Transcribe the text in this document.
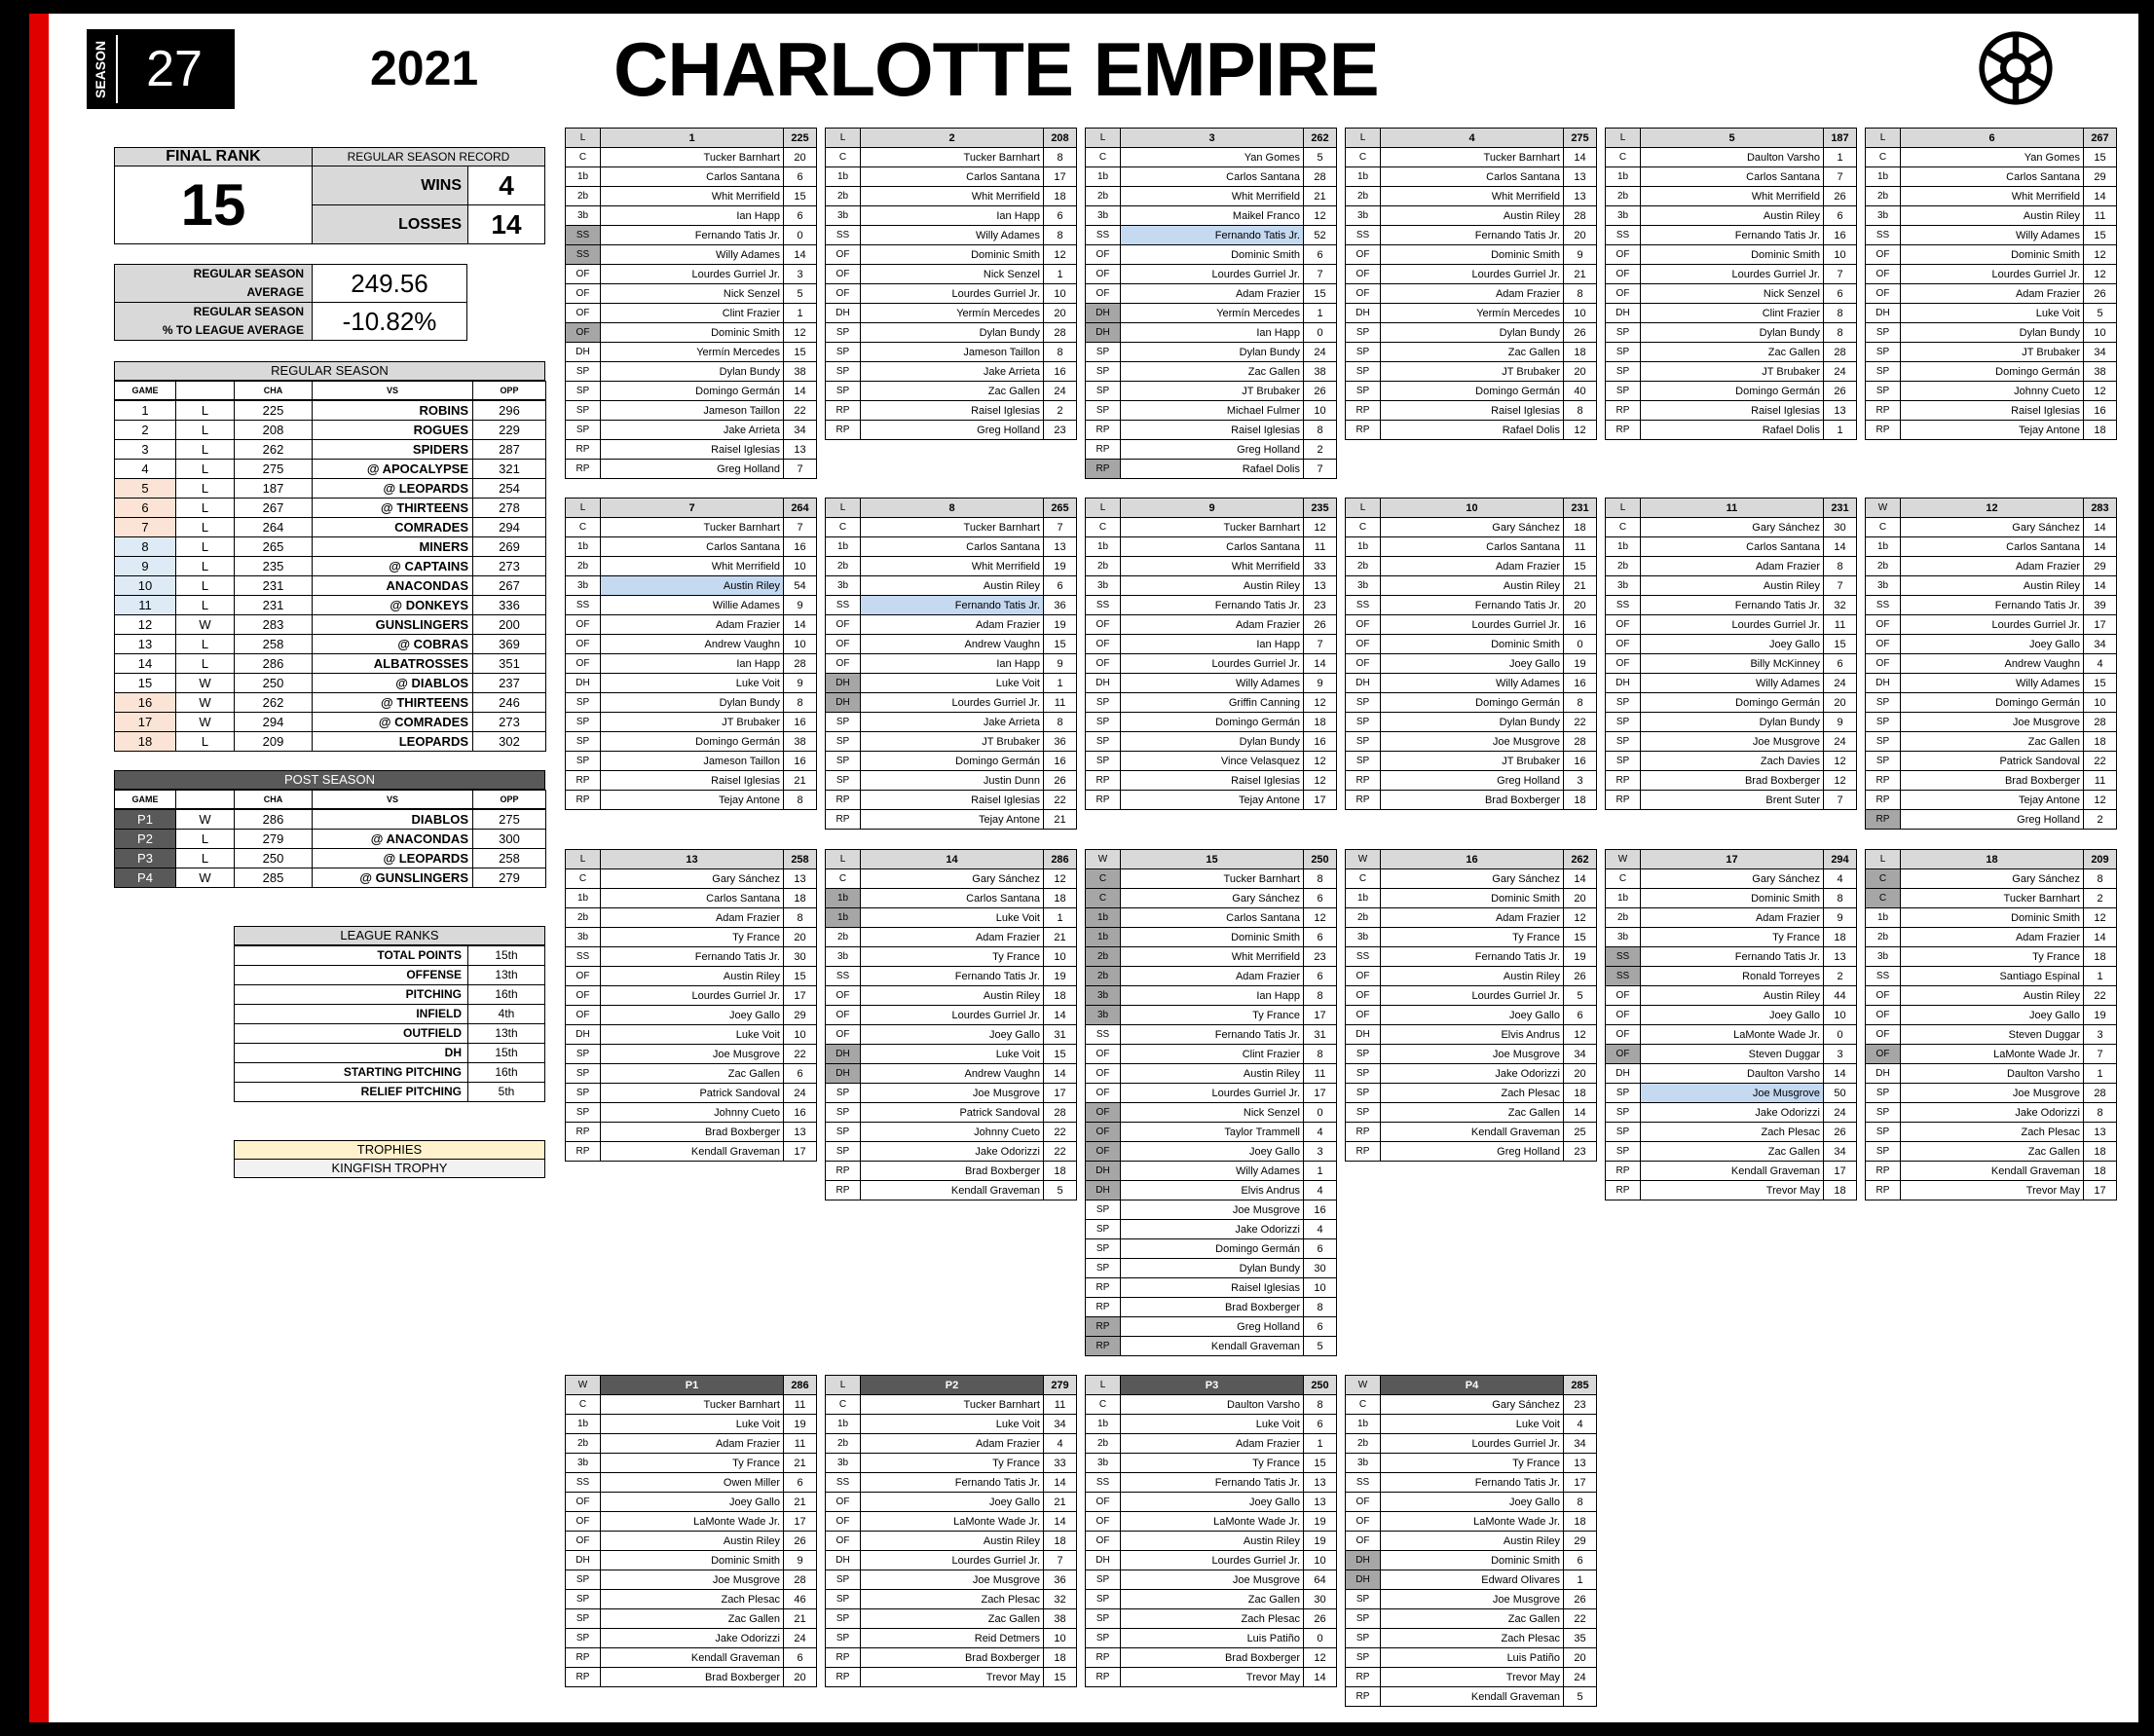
SEASON 27	2021 CHARLOTTE EMPIRE
FINAL RANK
15
REGULAR SEASON RECORD
WINS	4
LOSSES	14
REGULAR SEASON
AVERAGE	249.56
REGULAR SEASON
% TO LEAGUE AVERAGE	-10.82%
REGULAR SEASON
GAME	CHA	VS	OPP
1	L	225	ROBINS	296
2	L	208	ROGUES	229
3	L	262	SPIDERS	287
4	L	275	@ APOCALYPSE	321
5	L	187	@ LEOPARDS	254
6	L	267	@ THIRTEENS	278
7	L	264	COMRADES	294
8	L	265	MINERS	269
9	L	235	@ CAPTAINS	273
10	L	231	ANACONDAS	267
11	L	231	@ DONKEYS	336
12	W	283	GUNSLINGERS	200
13	L	258	@ COBRAS	369
14	L	286	ALBATROSSES	351
15	W	250	@ DIABLOS	237
16	W	262	@ THIRTEENS	246
17	W	294	@ COMRADES	273
18	L	209	LEOPARDS	302
POST SEASON
GAME	CHA	VS	OPP
P1	W	286	DIABLOS	275
P2	L	279	@ ANACONDAS	300
P3	L	250	@ LEOPARDS	258
P4	W	285	@ GUNSLINGERS	279
LEAGUE RANKS
TOTAL POINTS	15th
OFFENSE	13th
PITCHING	16th
INFIELD	4th
OUTFIELD	13th
DH	15th
STARTING PITCHING	16th
RELIEF PITCHING	5th
TROPHIES
KINGFISH TROPHY
L	1	225
C	Tucker Barnhart	20
1b	Carlos Santana	6
2b	Whit Merrifield	15
3b	Ian Happ	6
SS	Fernando Tatis Jr.	0
SS	Willy Adames	14
OF	Lourdes Gurriel Jr.	3
OF	Nick Senzel	5
OF	Clint Frazier	1
OF	Dominic Smith	12
DH	Yermín Mercedes	15
SP	Dylan Bundy	38
SP	Domingo Germán	14
SP	Jameson Taillon	22
SP	Jake Arrieta	34
RP	Raisel Iglesias	13
RP	Greg Holland	7
L	2	208
C	Tucker Barnhart	8
1b	Carlos Santana	17
2b	Whit Merrifield	18
3b	Ian Happ	6
SS	Willy Adames	8
OF	Dominic Smith	12
OF	Nick Senzel	1
OF	Lourdes Gurriel Jr.	10
DH	Yermín Mercedes	20
SP	Dylan Bundy	28
SP	Jameson Taillon	8
SP	Jake Arrieta	16
SP	Zac Gallen	24
RP	Raisel Iglesias	2
RP	Greg Holland	23
L	3	262
C	Yan Gomes	5
1b	Carlos Santana	28
2b	Whit Merrifield	21
3b	Maikel Franco	12
SS	Fernando Tatis Jr.	52
OF	Dominic Smith	6
OF	Lourdes Gurriel Jr.	7
OF	Adam Frazier	15
DH	Yermín Mercedes	1
DH	Ian Happ	0
SP	Dylan Bundy	24
SP	Zac Gallen	38
SP	JT Brubaker	26
SP	Michael Fulmer	10
RP	Raisel Iglesias	8
RP	Greg Holland	2
RP	Rafael Dolis	7
L	4	275
C	Tucker Barnhart	14
1b	Carlos Santana	13
2b	Whit Merrifield	13
3b	Austin Riley	28
SS	Fernando Tatis Jr.	20
OF	Dominic Smith	9
OF	Lourdes Gurriel Jr.	21
OF	Adam Frazier	8
DH	Yermín Mercedes	10
SP	Dylan Bundy	26
SP	Zac Gallen	18
SP	JT Brubaker	20
SP	Domingo Germán	40
RP	Raisel Iglesias	8
RP	Rafael Dolis	12
L	5	187
C	Daulton Varsho	1
1b	Carlos Santana	7
2b	Whit Merrifield	26
3b	Austin Riley	6
SS	Fernando Tatis Jr.	16
OF	Dominic Smith	10
OF	Lourdes Gurriel Jr.	7
OF	Nick Senzel	6
DH	Clint Frazier	8
SP	Dylan Bundy	8
SP	Zac Gallen	28
SP	JT Brubaker	24
SP	Domingo Germán	26
RP	Raisel Iglesias	13
RP	Rafael Dolis	1
L	6	267
C	Yan Gomes	15
1b	Carlos Santana	29
2b	Whit Merrifield	14
3b	Austin Riley	11
SS	Willy Adames	15
OF	Dominic Smith	12
OF	Lourdes Gurriel Jr.	12
OF	Adam Frazier	26
DH	Luke Voit	5
SP	Dylan Bundy	10
SP	JT Brubaker	34
SP	Domingo Germán	38
SP	Johnny Cueto	12
RP	Raisel Iglesias	16
RP	Tejay Antone	18
L	7	264
C	Tucker Barnhart	7
1b	Carlos Santana	16
2b	Whit Merrifield	10
3b	Austin Riley	54
SS	Willie Adames	9
OF	Adam Frazier	14
OF	Andrew Vaughn	10
OF	Ian Happ	28
DH	Luke Voit	9
SP	Dylan Bundy	8
SP	JT Brubaker	16
SP	Domingo Germán	38
SP	Jameson Taillon	16
RP	Raisel Iglesias	21
RP	Tejay Antone	8
L	8	265
C	Tucker Barnhart	7
1b	Carlos Santana	13
2b	Whit Merrifield	19
3b	Austin Riley	6
SS	Fernando Tatis Jr.	36
OF	Adam Frazier	19
OF	Andrew Vaughn	15
OF	Ian Happ	9
DH	Luke Voit	1
DH	Lourdes Gurriel Jr.	11
SP	Jake Arrieta	8
SP	JT Brubaker	36
SP	Domingo Germán	16
SP	Justin Dunn	26
RP	Raisel Iglesias	22
RP	Tejay Antone	21
L	9	235
C	Tucker Barnhart	12
1b	Carlos Santana	11
2b	Whit Merrifield	33
3b	Austin Riley	13
SS	Fernando Tatis Jr.	23
OF	Adam Frazier	26
OF	Ian Happ	7
OF	Lourdes Gurriel Jr.	14
DH	Willy Adames	9
SP	Griffin Canning	12
SP	Domingo Germán	18
SP	Dylan Bundy	16
SP	Vince Velasquez	12
RP	Raisel Iglesias	12
RP	Tejay Antone	17
L	10	231
C	Gary Sánchez	18
1b	Carlos Santana	11
2b	Adam Frazier	15
3b	Austin Riley	21
SS	Fernando Tatis Jr.	20
OF	Lourdes Gurriel Jr.	16
OF	Dominic Smith	0
OF	Joey Gallo	19
DH	Willy Adames	16
SP	Domingo Germán	8
SP	Dylan Bundy	22
SP	Joe Musgrove	28
SP	JT Brubaker	16
RP	Greg Holland	3
RP	Brad Boxberger	18
L	11	231
C	Gary Sánchez	30
1b	Carlos Santana	14
2b	Adam Frazier	8
3b	Austin Riley	7
SS	Fernando Tatis Jr.	32
OF	Lourdes Gurriel Jr.	11
OF	Joey Gallo	15
OF	Billy McKinney	6
DH	Willy Adames	24
SP	Domingo Germán	20
SP	Dylan Bundy	9
SP	Joe Musgrove	24
SP	Zach Davies	12
RP	Brad Boxberger	12
RP	Brent Suter	7
W	12	283
C	Gary Sánchez	14
1b	Carlos Santana	14
2b	Adam Frazier	29
3b	Austin Riley	14
SS	Fernando Tatis Jr.	39
OF	Lourdes Gurriel Jr.	17
OF	Joey Gallo	34
OF	Andrew Vaughn	4
DH	Willy Adames	15
SP	Domingo Germán	10
SP	Joe Musgrove	28
SP	Zac Gallen	18
SP	Patrick Sandoval	22
RP	Brad Boxberger	11
RP	Tejay Antone	12
RP	Greg Holland	2
L	13	258
C	Gary Sánchez	13
1b	Carlos Santana	18
2b	Adam Frazier	8
3b	Ty France	20
SS	Fernando Tatis Jr.	30
OF	Austin Riley	15
OF	Lourdes Gurriel Jr.	17
OF	Joey Gallo	29
DH	Luke Voit	10
SP	Joe Musgrove	22
SP	Zac Gallen	6
SP	Patrick Sandoval	24
SP	Johnny Cueto	16
RP	Brad Boxberger	13
RP	Kendall Graveman	17
L	14	286
C	Gary Sánchez	12
1b	Carlos Santana	18
1b	Luke Voit	1
2b	Adam Frazier	21
3b	Ty France	10
SS	Fernando Tatis Jr.	19
OF	Austin Riley	18
OF	Lourdes Gurriel Jr.	14
OF	Joey Gallo	31
DH	Luke Voit	15
DH	Andrew Vaughn	14
SP	Joe Musgrove	17
SP	Patrick Sandoval	28
SP	Johnny Cueto	22
SP	Jake Odorizzi	22
RP	Brad Boxberger	18
RP	Kendall Graveman	5
W	15	250
C	Tucker Barnhart	8
C	Gary Sánchez	6
1b	Carlos Santana	12
1b	Dominic Smith	6
2b	Whit Merrifield	23
2b	Adam Frazier	6
3b	Ian Happ	8
3b	Ty France	17
SS	Fernando Tatis Jr.	31
OF	Clint Frazier	8
OF	Austin Riley	11
OF	Lourdes Gurriel Jr.	17
OF	Nick Senzel	0
OF	Taylor Trammell	4
OF	Joey Gallo	3
DH	Willy Adames	1
DH	Elvis Andrus	4
SP	Joe Musgrove	16
SP	Jake Odorizzi	4
SP	Domingo Germán	6
SP	Dylan Bundy	30
RP	Raisel Iglesias	10
RP	Brad Boxberger	8
RP	Greg Holland	6
RP	Kendall Graveman	5
W	16	262
C	Gary Sánchez	14
1b	Dominic Smith	20
2b	Adam Frazier	12
3b	Ty France	15
SS	Fernando Tatis Jr.	19
OF	Austin Riley	26
OF	Lourdes Gurriel Jr.	5
OF	Joey Gallo	6
DH	Elvis Andrus	12
SP	Joe Musgrove	34
SP	Jake Odorizzi	20
SP	Zach Plesac	18
SP	Zac Gallen	14
RP	Kendall Graveman	25
RP	Greg Holland	23
W	17	294
C	Gary Sánchez	4
1b	Dominic Smith	8
2b	Adam Frazier	9
3b	Ty France	18
SS	Fernando Tatis Jr.	13
SS	Ronald Torreyes	2
OF	Austin Riley	44
OF	Joey Gallo	10
OF	LaMonte Wade Jr.	0
OF	Steven Duggar	3
DH	Daulton Varsho	14
SP	Joe Musgrove	50
SP	Jake Odorizzi	24
SP	Zach Plesac	26
SP	Zac Gallen	34
RP	Kendall Graveman	17
RP	Trevor May	18
L	18	209
C	Gary Sánchez	8
C	Tucker Barnhart	2
1b	Dominic Smith	12
2b	Adam Frazier	14
3b	Ty France	18
SS	Santiago Espinal	1
OF	Austin Riley	22
OF	Joey Gallo	19
OF	Steven Duggar	3
OF	LaMonte Wade Jr.	7
DH	Daulton Varsho	1
SP	Joe Musgrove	28
SP	Jake Odorizzi	8
SP	Zach Plesac	13
SP	Zac Gallen	18
RP	Kendall Graveman	18
RP	Trevor May	17
W	P1	286
C	Tucker Barnhart	11
1b	Luke Voit	19
2b	Adam Frazier	11
3b	Ty France	21
SS	Owen Miller	6
OF	Joey Gallo	21
OF	LaMonte Wade Jr.	17
OF	Austin Riley	26
DH	Dominic Smith	9
SP	Joe Musgrove	28
SP	Zach Plesac	46
SP	Zac Gallen	21
SP	Jake Odorizzi	24
RP	Kendall Graveman	6
RP	Brad Boxberger	20
L	P2	279
C	Tucker Barnhart	11
1b	Luke Voit	34
2b	Adam Frazier	4
3b	Ty France	33
SS	Fernando Tatis Jr.	14
OF	Joey Gallo	21
OF	LaMonte Wade Jr.	14
OF	Austin Riley	18
DH	Lourdes Gurriel Jr.	7
SP	Joe Musgrove	36
SP	Zach Plesac	32
SP	Zac Gallen	38
SP	Reid Detmers	10
RP	Brad Boxberger	18
RP	Trevor May	15
L	P3	250
C	Daulton Varsho	8
1b	Luke Voit	6
2b	Adam Frazier	1
3b	Ty France	15
SS	Fernando Tatis Jr.	13
OF	Joey Gallo	13
OF	LaMonte Wade Jr.	19
OF	Austin Riley	19
DH	Lourdes Gurriel Jr.	10
SP	Joe Musgrove	64
SP	Zac Gallen	30
SP	Zach Plesac	26
SP	Luis Patiño	0
RP	Brad Boxberger	12
RP	Trevor May	14
W	P4	285
C	Gary Sánchez	23
1b	Luke Voit	4
2b	Lourdes Gurriel Jr.	34
3b	Ty France	13
SS	Fernando Tatis Jr.	17
OF	Joey Gallo	8
OF	LaMonte Wade Jr.	18
OF	Austin Riley	29
DH	Dominic Smith	6
DH	Edward Olivares	1
SP	Joe Musgrove	26
SP	Zac Gallen	22
SP	Zach Plesac	35
SP	Luis Patiño	20
RP	Trevor May	24
RP	Kendall Graveman	5
